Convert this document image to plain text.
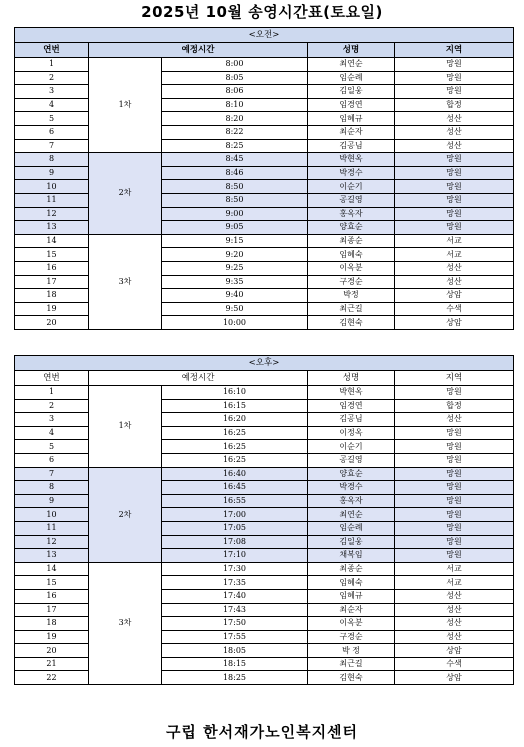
2025년 10월 송영시간표(토요일)
<오전>				
연번	예정시간		성명	지역
1	1차	8:00	최연순	망원
2		8:05	임순례	망원
3		8:06	김일웅	망원
4		8:10	임경연	합정
5		8:20	임혜규	성산
6		8:22	최순자	성산
7		8:25	김공님	성산
8	2차	8:45	박현옥	망원
9		8:46	박경수	망원
10		8:50	이순기	망원
11		8:50	공길영	망원
12		9:00	홍옥자	망원
13		9:05	양효순	망원
14	3차	9:15	최종순	서교
15		9:20	임혜숙	서교
16		9:25	이옥분	성산
17		9:35	구경순	성산
18		9:40	박정	상암
19		9:50	최근길	수색
20		10:00	김현숙	상암
<오후>				
연번	예정시간		성명	지역
1	1차	16:10	박현옥	망원
2		16:15	임경연	합정
3		16:20	김공님	성산
4		16:25	이정옥	망원
5		16:25	이순기	망원
6		16:25	공길영	망원
7	2차	16:40	양효순	망원
8		16:45	박경수	망원
9		16:55	홍옥자	망원
10		17:00	최연순	망원
11		17:05	임순례	망원
12		17:08	김일웅	망원
13		17:10	채복임	망원
14	3차	17:30	최종순	서교
15		17:35	임혜숙	서교
16		17:40	임혜규	성산
17		17:43	최순자	성산
18		17:50	이옥분	성산
19		17:55	구경순	성산
20		18:05	박 정	상암
21		18:15	최근길	수색
22		18:25	김현숙	상암
구립 한서재가노인복지센터
